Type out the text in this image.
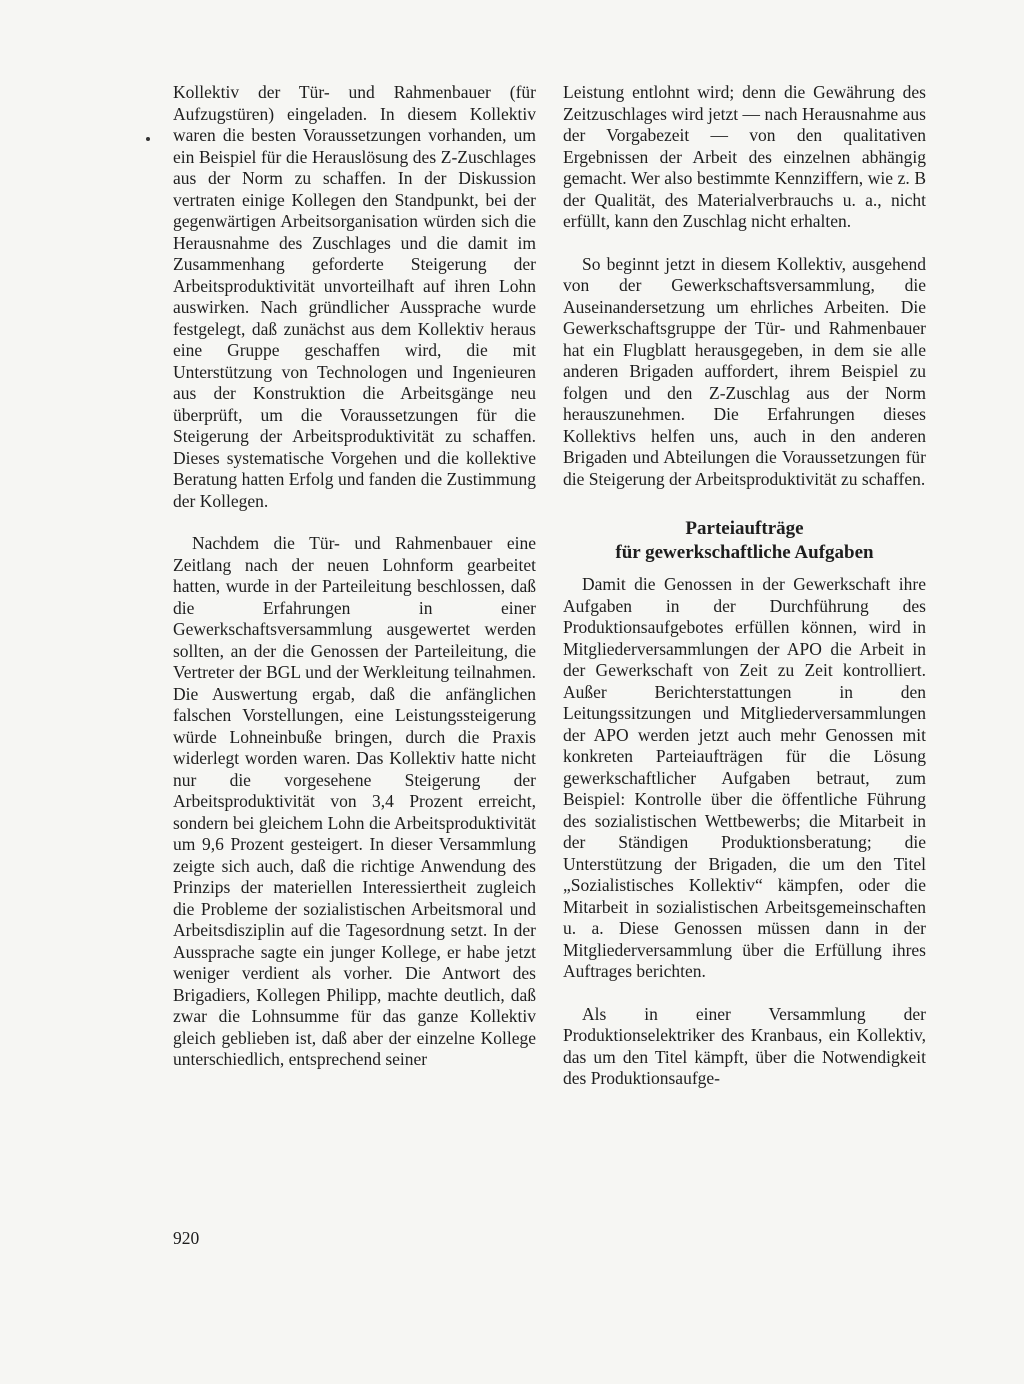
Kollektiv der Tür- und Rahmenbauer (für Aufzugstüren) eingeladen. In diesem Kollektiv waren die besten Voraussetzungen vorhanden, um ein Beispiel für die Herauslösung des Z-Zuschlages aus der Norm zu schaffen. In der Diskussion vertraten einige Kollegen den Standpunkt, bei der gegenwärtigen Arbeitsorganisation würden sich die Herausnahme des Zuschlages und die damit im Zusammenhang geforderte Steigerung der Arbeitsproduktivität unvorteilhaft auf ihren Lohn auswirken. Nach gründlicher Aussprache wurde festgelegt, daß zunächst aus dem Kollektiv heraus eine Gruppe geschaffen wird, die mit Unterstützung von Technologen und Ingenieuren aus der Konstruktion die Arbeitsgänge neu überprüft, um die Voraussetzungen für die Steigerung der Arbeitsproduktivität zu schaffen. Dieses systematische Vorgehen und die kollektive Beratung hatten Erfolg und fanden die Zustimmung der Kollegen.

Nachdem die Tür- und Rahmenbauer eine Zeitlang nach der neuen Lohnform gearbeitet hatten, wurde in der Parteileitung beschlossen, daß die Erfahrungen in einer Gewerkschaftsversammlung ausgewertet werden sollten, an der die Genossen der Parteileitung, die Vertreter der BGL und der Werkleitung teilnahmen. Die Auswertung ergab, daß die anfänglichen falschen Vorstellungen, eine Leistungssteigerung würde Lohneinbuße bringen, durch die Praxis widerlegt worden waren. Das Kollektiv hatte nicht nur die vorgesehene Steigerung der Arbeitsproduktivität von 3,4 Prozent erreicht, sondern bei gleichem Lohn die Arbeitsproduktivität um 9,6 Prozent gesteigert. In dieser Versammlung zeigte sich auch, daß die richtige Anwendung des Prinzips der materiellen Interessiertheit zugleich die Probleme der sozialistischen Arbeitsmoral und Arbeitsdisziplin auf die Tagesordnung setzt. In der Aussprache sagte ein junger Kollege, er habe jetzt weniger verdient als vorher. Die Antwort des Brigadiers, Kollegen Philipp, machte deutlich, daß zwar die Lohnsumme für das ganze Kollektiv gleich geblieben ist, daß aber der einzelne Kollege unterschiedlich, entsprechend seiner

Leistung entlohnt wird; denn die Gewährung des Zeitzuschlages wird jetzt — nach Herausnahme aus der Vorgabezeit — von den qualitativen Ergebnissen der Arbeit des einzelnen abhängig gemacht. Wer also bestimmte Kennziffern, wie z. B der Qualität, des Materialverbrauchs u. a., nicht erfüllt, kann den Zuschlag nicht erhalten.

So beginnt jetzt in diesem Kollektiv, ausgehend von der Gewerkschaftsversammlung, die Auseinandersetzung um ehrliches Arbeiten. Die Gewerkschaftsgruppe der Tür- und Rahmenbauer hat ein Flugblatt herausgegeben, in dem sie alle anderen Brigaden auffordert, ihrem Beispiel zu folgen und den Z-Zuschlag aus der Norm herauszunehmen. Die Erfahrungen dieses Kollektivs helfen uns, auch in den anderen Brigaden und Abteilungen die Voraussetzungen für die Steigerung der Arbeitsproduktivität zu schaffen.

Parteiaufträge
für gewerkschaftliche Aufgaben

Damit die Genossen in der Gewerkschaft ihre Aufgaben in der Durchführung des Produktionsaufgebotes erfüllen können, wird in Mitgliederversammlungen der APO die Arbeit in der Gewerkschaft von Zeit zu Zeit kontrolliert. Außer Berichterstattungen in den Leitungssitzungen und Mitgliederversammlungen der APO werden jetzt auch mehr Genossen mit konkreten Parteiaufträgen für die Lösung gewerkschaftlicher Aufgaben betraut, zum Beispiel: Kontrolle über die öffentliche Führung des sozialistischen Wettbewerbs; die Mitarbeit in der Ständigen Produktionsberatung; die Unterstützung der Brigaden, die um den Titel „Sozialistisches Kollektiv“ kämpfen, oder die Mitarbeit in sozialistischen Arbeitsgemeinschaften u. a. Diese Genossen müssen dann in der Mitgliederversammlung über die Erfüllung ihres Auftrages berichten.

Als in einer Versammlung der Produktionselektriker des Kranbaus, ein Kollektiv, das um den Titel kämpft, über die Notwendigkeit des Produktionsaufge-

920
